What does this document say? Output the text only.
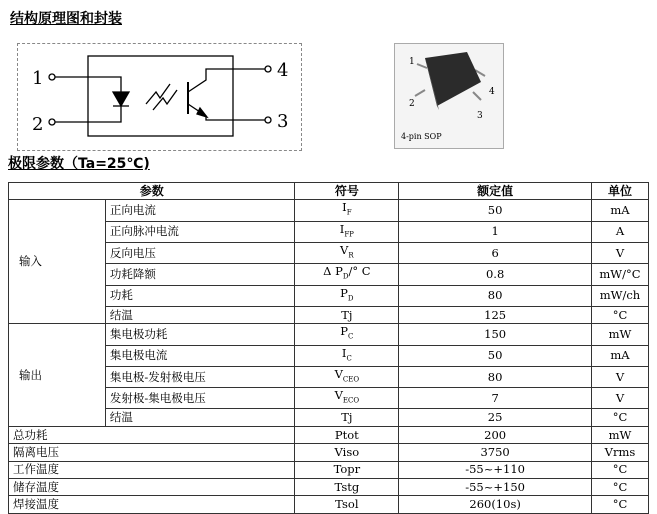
结构原理图和封装
1
2
4
3
1
2
3
4
4-pin SOP
极限参数（Ta=25℃)
参数		符号	额定值	单位
输入	正向电流	$I_F$	50	mA
	正向脉冲电流	$I_{FP}$	1	A
	反向电压	$V_R$	6	V
	功耗降额	Δ $P_D/^\circ$ C	0.8	mW/°C
	功耗	$P_D$	80	mW/ch
	结温	Tj	125	°C
输出	集电极功耗	$P_C$	150	mW
	集电极电流	$I_C$	50	mA
	集电极-发射极电压	$V_{CEO}$	80	V
	发射极-集电极电压	$V_{ECO}$	7	V
	结温	Tj	25	°C
总功耗		Ptot	200	mW
隔离电压		Viso	3750	Vrms
工作温度		Topr	-55~+110	°C
储存温度		Tstg	-55~+150	°C
焊接温度		Tsol	260(10s)	°C
